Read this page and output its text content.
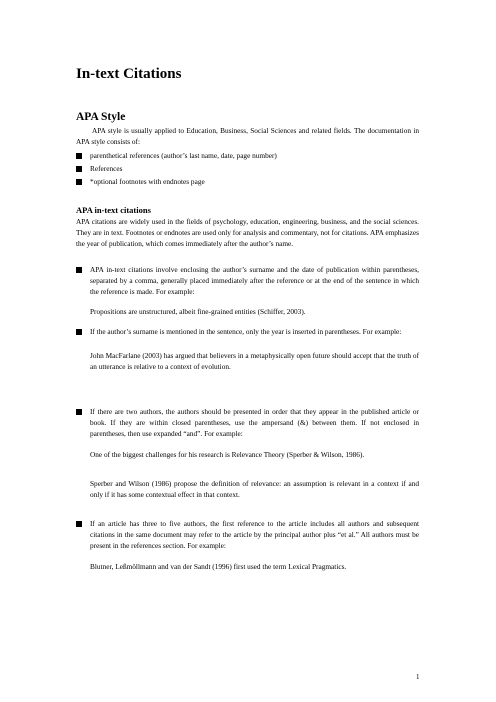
In-text Citations
APA Style

APA style is usually applied to Education, Business, Social Sciences and related fields. The documentation in APA style consists of:

parenthetical references (author’s last name, date, page number)
References
*optional footnotes with endnotes page
APA in-text citations

APA citations are widely used in the fields of psychology, education, engineering, business, and the social sciences. They are in text. Footnotes or endnotes are used only for analysis and commentary, not for citations. APA emphasizes the year of publication, which comes immediately after the author’s name.

APA in-text citations involve enclosing the author’s surname and the date of publication within parentheses, separated by a comma, generally placed immediately after the reference or at the end of the sentence in which the reference is made. For example:

Propositions are unstructured, albeit fine-grained entities (Schiffer, 2003).

If the author’s surname is mentioned in the sentence, only the year is inserted in parentheses. For example:

John MacFarlane (2003) has argued that believers in a metaphysically open future should accept that the truth of an utterance is relative to a context of evolution.

If there are two authors, the authors should be presented in order that they appear in the published article or book. If they are within closed parentheses, use the ampersand (&) between them. If not enclosed in parentheses, then use expanded “and”. For example:

One of the biggest challenges for his research is Relevance Theory (Sperber & Wilson, 1986).

Sperber and Wilson (1986) propose the definition of relevance: an assumption is relevant in a context if and only if it has some contextual effect in that context.

If an article has three to five authors, the first reference to the article includes all authors and subsequent citations in the same document may refer to the article by the principal author plus “et al.” All authors must be present in the references section. For example:

Blutner, Leßmöllmann and van der Sandt (1996) first used the term Lexical Pragmatics.

1
